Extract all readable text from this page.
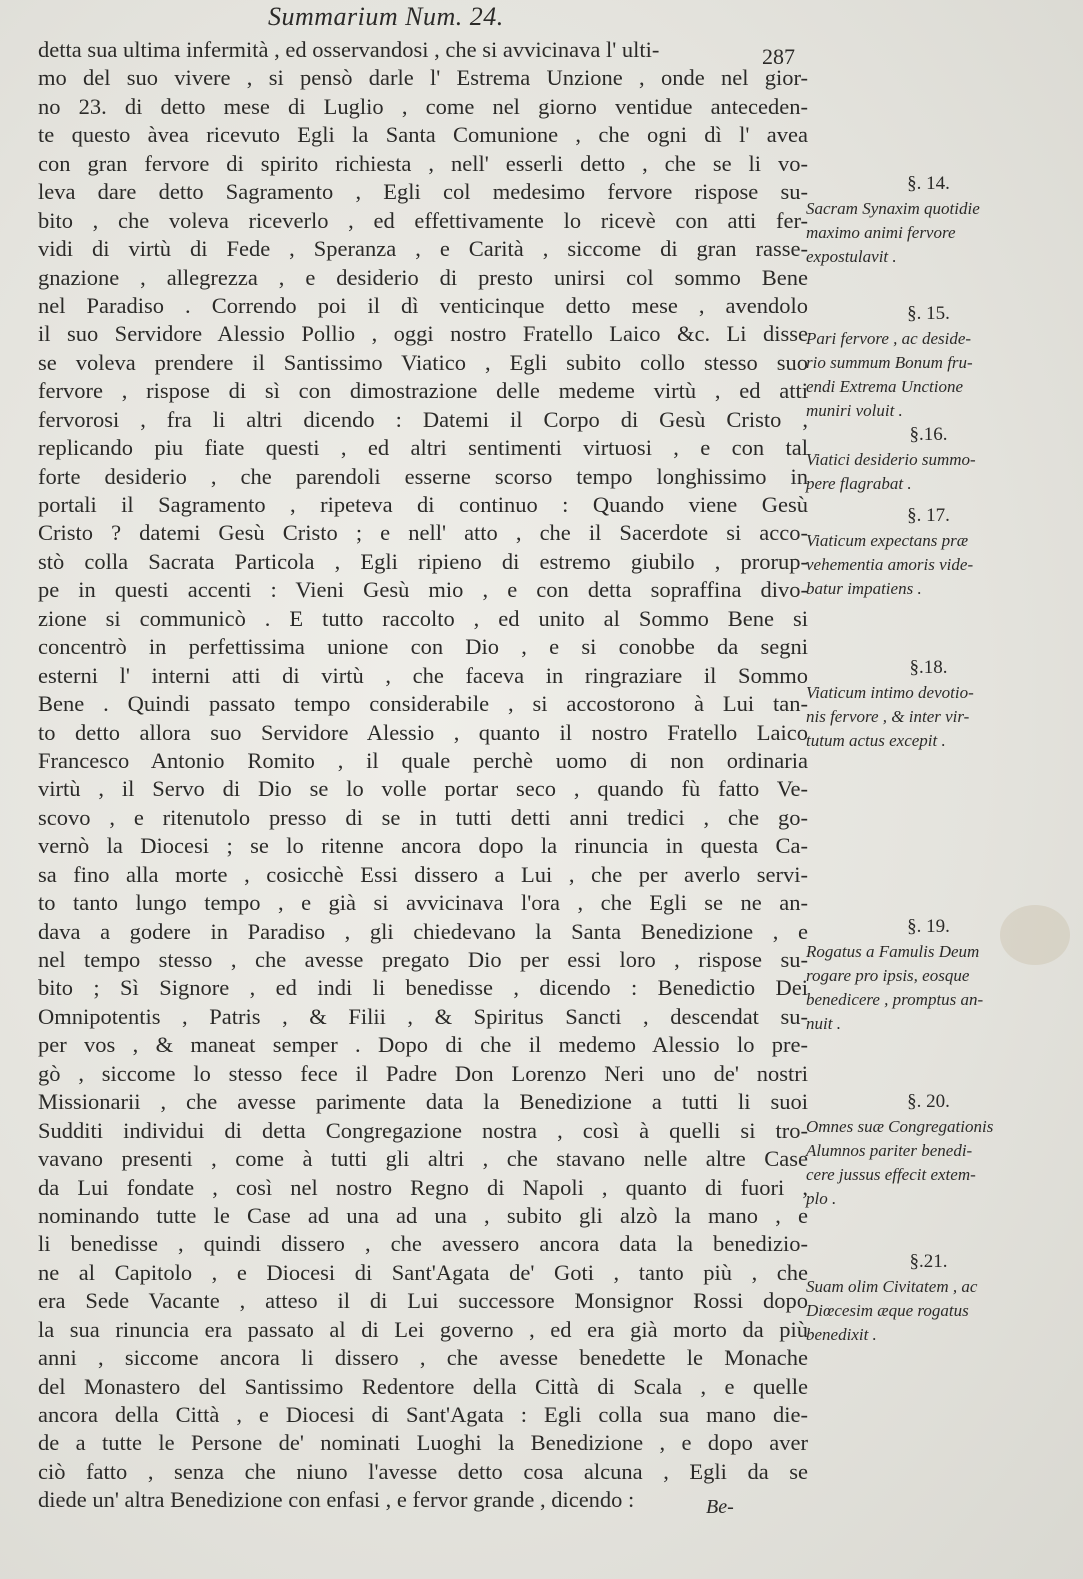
Summarium Num. 24.
287
detta sua ultima infermità , ed osservandosi , che si avvicinava l' ulti-
mo del suo vivere , si pensò darle l' Estrema Unzione , onde nel gior-
no 23. di detto mese di Luglio , come nel giorno ventidue anteceden-
te questo àvea ricevuto Egli la Santa Comunione , che ogni dì l' avea
con gran fervore di spirito richiesta , nell' esserli detto , che se li vo-
leva dare detto Sagramento , Egli col medesimo fervore rispose su-
bito , che voleva riceverlo , ed effettivamente lo ricevè con atti fer-
vidi di virtù di Fede , Speranza , e Carità , siccome di gran rasse-
gnazione , allegrezza , e desiderio di presto unirsi col sommo Bene
nel Paradiso . Correndo poi il dì venticinque detto mese , avendolo
il suo Servidore Alessio Pollio , oggi nostro Fratello Laico &c. Li disse
se voleva prendere il Santissimo Viatico , Egli subito collo stesso suo
fervore , rispose di sì con dimostrazione delle medeme virtù , ed atti
fervorosi , fra li altri dicendo : Datemi il Corpo di Gesù Cristo ,
replicando piu fiate questi , ed altri sentimenti virtuosi , e con tal
forte desiderio , che parendoli esserne scorso tempo longhissimo in
portali il Sagramento , ripeteva di continuo : Quando viene Gesù
Cristo ? datemi Gesù Cristo ; e nell' atto , che il Sacerdote si acco-
stò colla Sacrata Particola , Egli ripieno di estremo giubilo , prorup-
pe in questi accenti : Vieni Gesù mio , e con detta sopraffina divo-
zione si communicò . E tutto raccolto , ed unito al Sommo Bene si
concentrò in perfettissima unione con Dio , e si conobbe da segni
esterni l' interni atti di virtù , che faceva in ringraziare il Sommo
Bene . Quindi passato tempo considerabile , si accostorono à Lui tan-
to detto allora suo Servidore Alessio , quanto il nostro Fratello Laico
Francesco Antonio Romito , il quale perchè uomo di non ordinaria
virtù , il Servo di Dio se lo volle portar seco , quando fù fatto Ve-
scovo , e ritenutolo presso di se in tutti detti anni tredici , che go-
vernò la Diocesi ; se lo ritenne ancora dopo la rinuncia in questa Ca-
sa fino alla morte , cosicchè Essi dissero a Lui , che per averlo servi-
to tanto lungo tempo , e già si avvicinava l'ora , che Egli se ne an-
dava a godere in Paradiso , gli chiedevano la Santa Benedizione , e
nel tempo stesso , che avesse pregato Dio per essi loro , rispose su-
bito ; Sì Signore , ed indi li benedisse , dicendo : Benedictio Dei
Omnipotentis , Patris , & Filii , & Spiritus Sancti , descendat su-
per vos , & maneat semper . Dopo di che il medemo Alessio lo pre-
gò , siccome lo stesso fece il Padre Don Lorenzo Neri uno de' nostri
Missionarii , che avesse parimente data la Benedizione a tutti li suoi
Sudditi individui di detta Congregazione nostra , così à quelli si tro-
vavano presenti , come à tutti gli altri , che stavano nelle altre Case
da Lui fondate , così nel nostro Regno di Napoli , quanto di fuori ,
nominando tutte le Case ad una ad una , subito gli alzò la mano , e
li benedisse , quindi dissero , che avessero ancora data la benedizio-
ne al Capitolo , e Diocesi di Sant'Agata de' Goti , tanto più , che
era Sede Vacante , atteso il di Lui successore Monsignor Rossi dopo
la sua rinuncia era passato al di Lei governo , ed era già morto da più
anni , siccome ancora li dissero , che avesse benedette le Monache
del Monastero del Santissimo Redentore della Città di Scala , e quelle
ancora della Città , e Diocesi di Sant'Agata : Egli colla sua mano die-
de a tutte le Persone de' nominati Luoghi la Benedizione , e dopo aver
ciò fatto , senza che niuno l'avesse detto cosa alcuna , Egli da se
diede un' altra Benedizione con enfasi , e fervor grande , dicendo :	Be-
§. 14.
Sacram Synaxim quotidie
maximo animi fervore
expostulavit .
§. 15.
Pari fervore , ac deside-
rio summum Bonum fru-
endi Extrema Unctione
muniri voluit .
§.16.
Viatici desiderio summo-
pere flagrabat .
§. 17.
Viaticum expectans præ
vehementia amoris vide-
batur impatiens .
§.18.
Viaticum intimo devotio-
nis fervore , & inter vir-
tutum actus excepit .
§. 19.
Rogatus a Famulis Deum
rogare pro ipsis, eosque
benedicere , promptus an-
nuit .
§. 20.
Omnes suæ Congregationis
Alumnos pariter benedi-
cere jussus effecit extem-
plo .
§.21.
Suam olim Civitatem , ac
Diœcesim æque rogatus
benedixit .
